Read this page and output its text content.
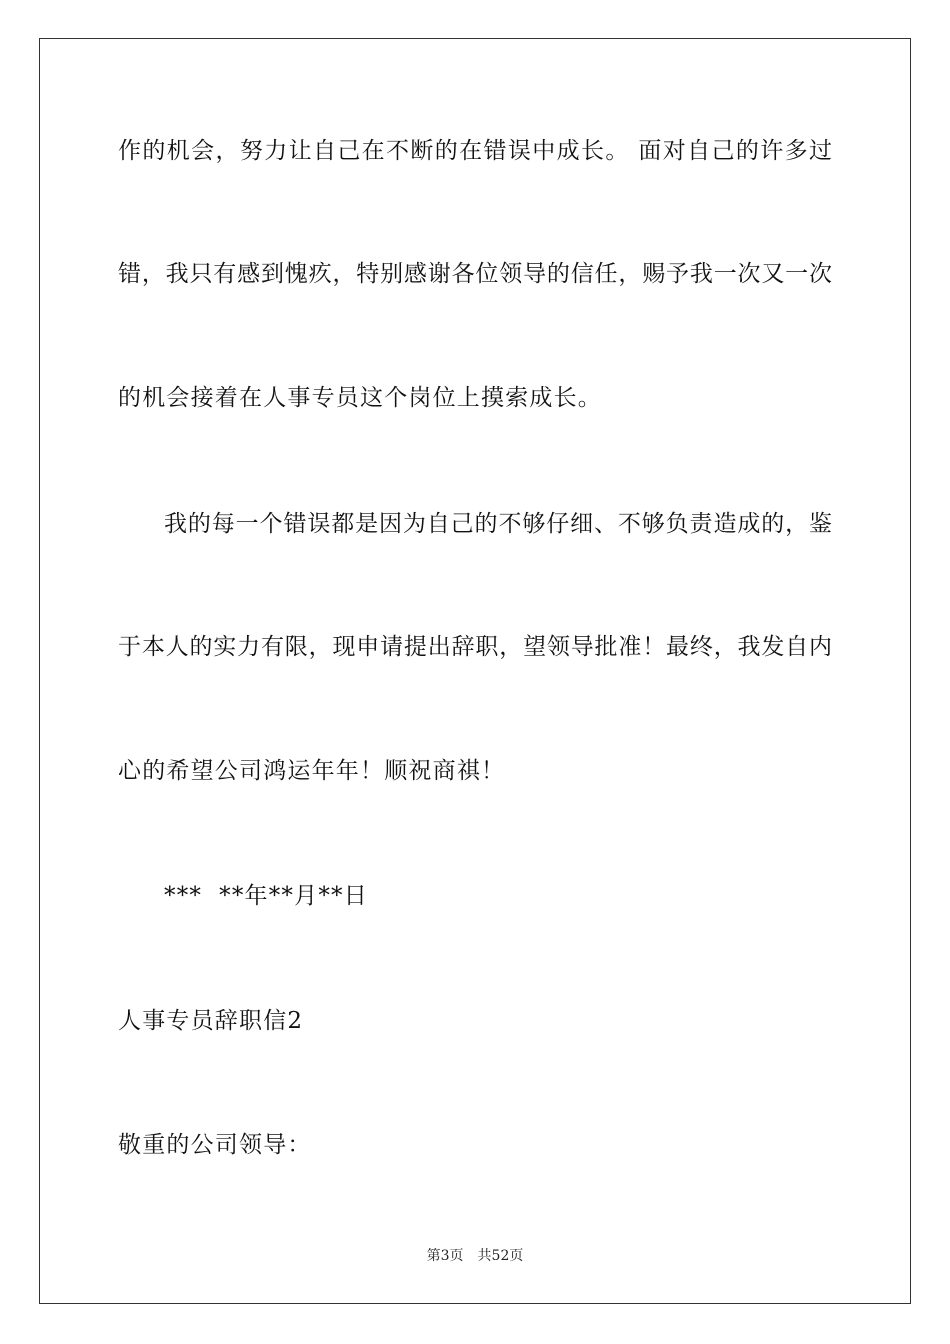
作的机会，努力让自己在不断的在错误中成长。 面对自己的许多过
错，我只有感到愧疚，特别感谢各位领导的信任，赐予我一次又一次
的机会接着在人事专员这个岗位上摸索成长。
我的每一个错误都是因为自己的不够仔细、不够负责造成的，鉴
于本人的实力有限，现申请提出辞职，望领导批准！最终，我发自内
心的希望公司鸿运年年！顺祝商祺！
***  **年**月**日
人事专员辞职信2
敬重的公司领导：
第3页 共52页
